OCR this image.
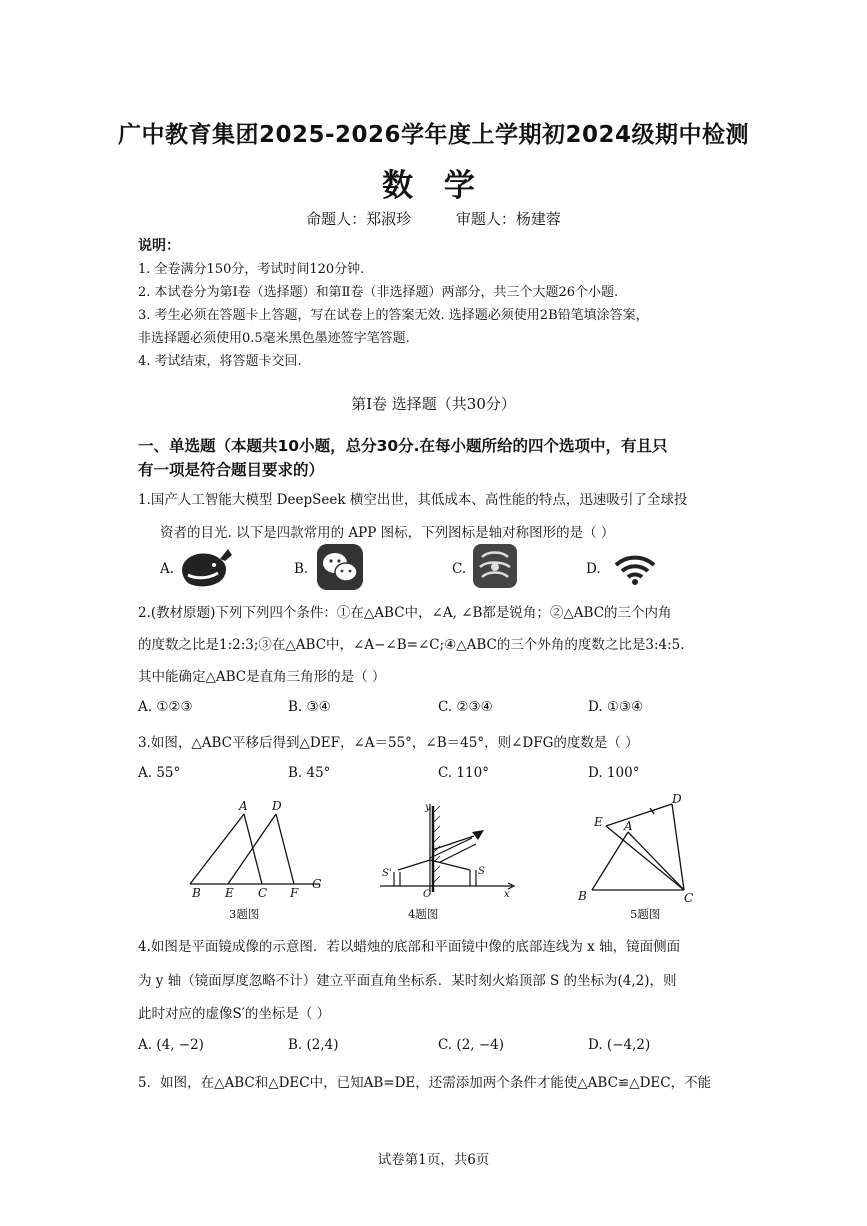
广中教育集团2025-2026学年度上学期初2024级期中检测
数 学
命题人：郑淑珍	审题人：杨建蓉
说明：
1. 全卷满分150分，考试时间120分钟.
2. 本试卷分为第Ⅰ卷（选择题）和第Ⅱ卷（非选择题）两部分，共三个大题26个小题.
3. 考生必须在答题卡上答题，写在试卷上的答案无效. 选择题必须使用2B铅笔填涂答案，
非选择题必须使用0.5毫米黑色墨迹签字笔答题.
4. 考试结束，将答题卡交回.
第Ⅰ卷 选择题（共30分）
一、单选题（本题共10小题，总分30分.在每小题所给的四个选项中，有且只
有一项是符合题目要求的）
1.国产人工智能大模型 DeepSeek 横空出世，其低成本、高性能的特点，迅速吸引了全球投
资者的目光. 以下是四款常用的 APP 图标，下列图标是轴对称图形的是（ ）
A.	B.	C.	D.
2.(教材原题)下列下列四个条件：①在△ABC中，∠A, ∠B都是锐角；②△ABC的三个内角
的度数之比是1:2:3;③在△ABC中，∠A−∠B=∠C;④△ABC的三个外角的度数之比是3:4:5.
其中能确定△ABC是直角三角形的是（ ）
A. ①②③	B. ③④	C. ②③④	D. ①③④
3.如图，△ABC平移后得到△DEF，∠A＝55°，∠B＝45°，则∠DFG的度数是（ ）
A. 55°	B. 45°	C. 110°	D. 100°
A D
B E C F
G
3题图
y
S'	S
O	x
4题图
D
E A
B	C
5题图
4.如图是平面镜成像的示意图．若以蜡烛的底部和平面镜中像的底部连线为 x 轴，镜面侧面
为 y 轴（镜面厚度忽略不计）建立平面直角坐标系．某时刻火焰顶部 S 的坐标为(4,2)，则
此时对应的虚像S′的坐标是（ ）
A. (4, −2)	B. (2,4)	C. (2, −4)	D. (−4,2)
5．如图，在△ABC和△DEC中，已知AB=DE，还需添加两个条件才能使△ABC≌△DEC，不能
试卷第1页，共6页
